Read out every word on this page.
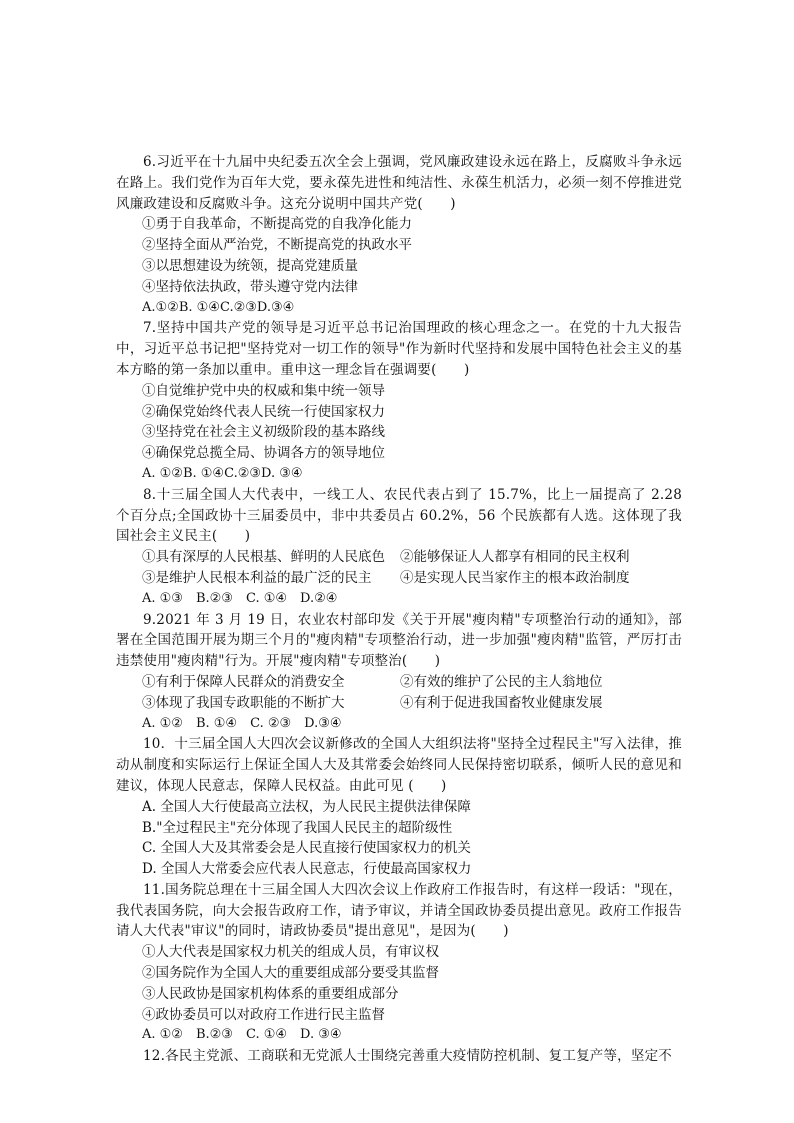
6.习近平在十九届中央纪委五次全会上强调，党风廉政建设永远在路上，反腐败斗争永远在路上。我们党作为百年大党，要永葆先进性和纯洁性、永葆生机活力，必须一刻不停推进党风廉政建设和反腐败斗争。这充分说明中国共产党(　　)

①勇于自我革命，不断提高党的自我净化能力

②坚持全面从严治党，不断提高党的执政水平

③以思想建设为统领，提高党建质量

④坚持依法执政，带头遵守党内法律

A.①②B. ①④C.②③D.③④

7.坚持中国共产党的领导是习近平总书记治国理政的核心理念之一。在党的十九大报告中，习近平总书记把"坚持党对一切工作的领导"作为新时代坚持和发展中国特色社会主义的基本方略的第一条加以重申。重申这一理念旨在强调要(　　)

①自觉维护党中央的权威和集中统一领导

②确保党始终代表人民统一行使国家权力

③坚持党在社会主义初级阶段的基本路线

④确保党总揽全局、协调各方的领导地位

A. ①②B. ①④C.②③D. ③④

8.十三届全国人大代表中，一线工人、农民代表占到了 15.7%，比上一届提高了 2.28 个百分点;全国政协十三届委员中，非中共委员占 60.2%，56 个民族都有人选。这体现了我国社会主义民主(　　)

①具有深厚的人民根基、鲜明的人民底色	②能够保证人人都享有相同的民主权利
③是维护人民根本利益的最广泛的民主	④是实现人民当家作主的根本政治制度

A. ①③　B.②③　C. ①④　D.②④

9.2021 年 3 月 19 日，农业农村部印发《关于开展"瘦肉精"专项整治行动的通知》，部署在全国范围开展为期三个月的"瘦肉精"专项整治行动，进一步加强"瘦肉精"监管，严厉打击违禁使用"瘦肉精"行为。开展"瘦肉精"专项整治(　　)

①有利于保障人民群众的消费安全	②有效的维护了公民的主人翁地位
③体现了我国专政职能的不断扩大	④有利于促进我国畜牧业健康发展

A. ①②　B. ①④　C. ②③　D.③④

10．十三届全国人大四次会议新修改的全国人大组织法将"坚持全过程民主"写入法律，推动从制度和实际运行上保证全国人大及其常委会始终同人民保持密切联系，倾听人民的意见和建议，体现人民意志，保障人民权益。由此可见 (　　)

A. 全国人大行使最高立法权，为人民民主提供法律保障

B."全过程民主"充分体现了我国人民民主的超阶级性

C. 全国人大及其常委会是人民直接行使国家权力的机关

D. 全国人大常委会应代表人民意志，行使最高国家权力

11.国务院总理在十三届全国人大四次会议上作政府工作报告时，有这样一段话："现在，我代表国务院，向大会报告政府工作，请予审议，并请全国政协委员提出意见。政府工作报告请人大代表"审议"的同时，请政协委员"提出意见"，是因为(　　)

①人大代表是国家权力机关的组成人员，有审议权

②国务院作为全国人大的重要组成部分要受其监督

③人民政协是国家机构体系的重要组成部分

④政协委员可以对政府工作进行民主监督

A. ①②　B.②③　C. ①④　D. ③④

12.各民主党派、工商联和无党派人士围绕完善重大疫情防控机制、复工复产等，坚定不
